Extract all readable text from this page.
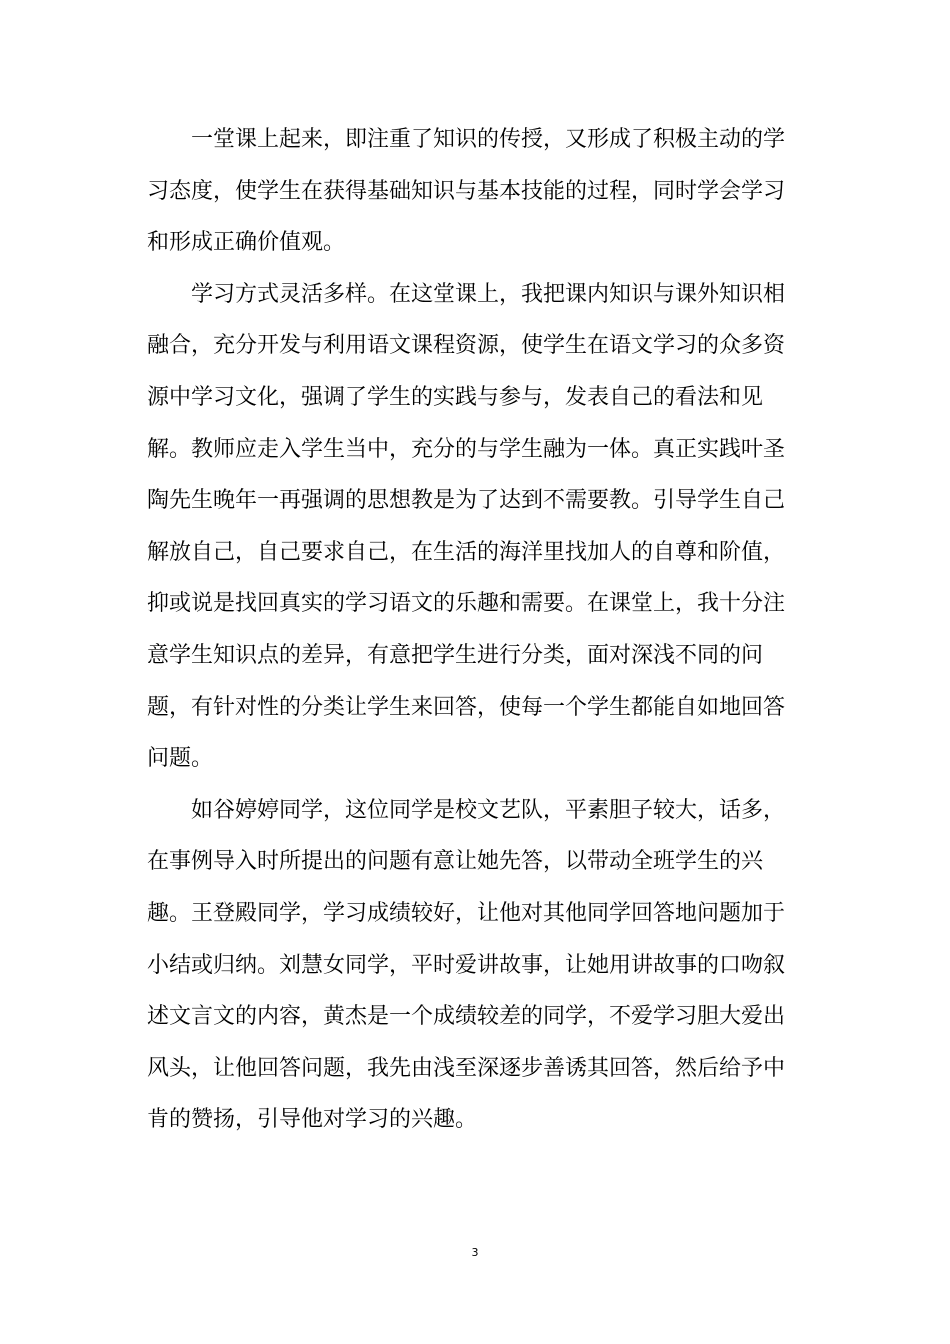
一堂课上起来，即注重了知识的传授，又形成了积极主动的学
习态度，使学生在获得基础知识与基本技能的过程，同时学会学习
和形成正确价值观。
学习方式灵活多样。在这堂课上，我把课内知识与课外知识相
融合，充分开发与利用语文课程资源，使学生在语文学习的众多资
源中学习文化，强调了学生的实践与参与，发表自己的看法和见
解。教师应走入学生当中，充分的与学生融为一体。真正实践叶圣
陶先生晚年一再强调的思想教是为了达到不需要教。引导学生自己
解放自己，自己要求自己，在生活的海洋里找加人的自尊和阶值，
抑或说是找回真实的学习语文的乐趣和需要。在课堂上，我十分注
意学生知识点的差异，有意把学生进行分类，面对深浅不同的问
题，有针对性的分类让学生来回答，使每一个学生都能自如地回答
问题。
如谷婷婷同学，这位同学是校文艺队，平素胆子较大，话多，
在事例导入时所提出的问题有意让她先答，以带动全班学生的兴
趣。王登殿同学，学习成绩较好，让他对其他同学回答地问题加于
小结或归纳。刘慧女同学，平时爱讲故事，让她用讲故事的口吻叙
述文言文的内容，黄杰是一个成绩较差的同学，不爱学习胆大爱出
风头，让他回答问题，我先由浅至深逐步善诱其回答，然后给予中
肯的赞扬，引导他对学习的兴趣。
3
